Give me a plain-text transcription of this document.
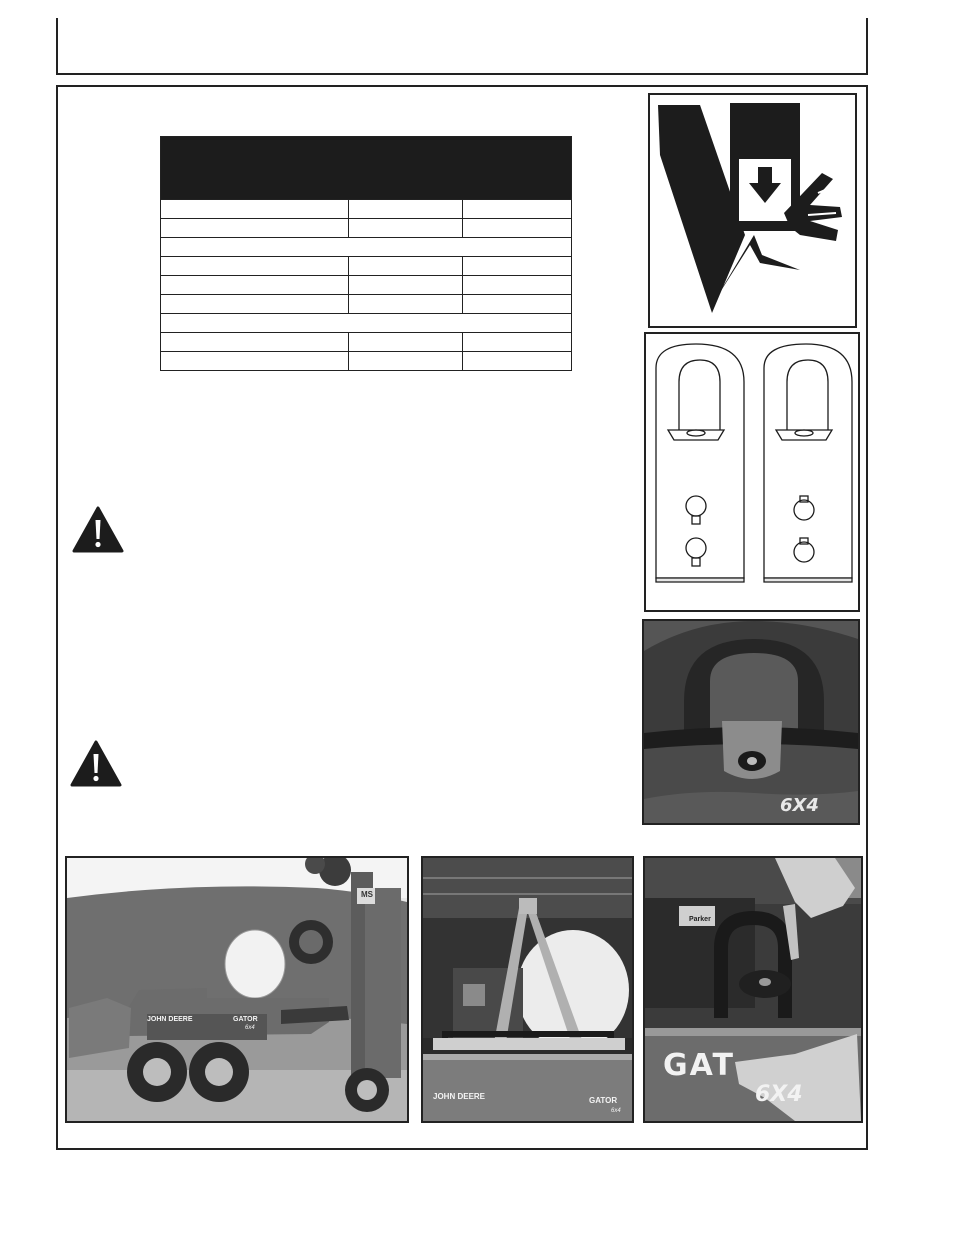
6X4
JOHN DEERE	GATOR
6x4
MS
JOHN DEERE	GATOR
6x4
Parker
GAT
6X4
